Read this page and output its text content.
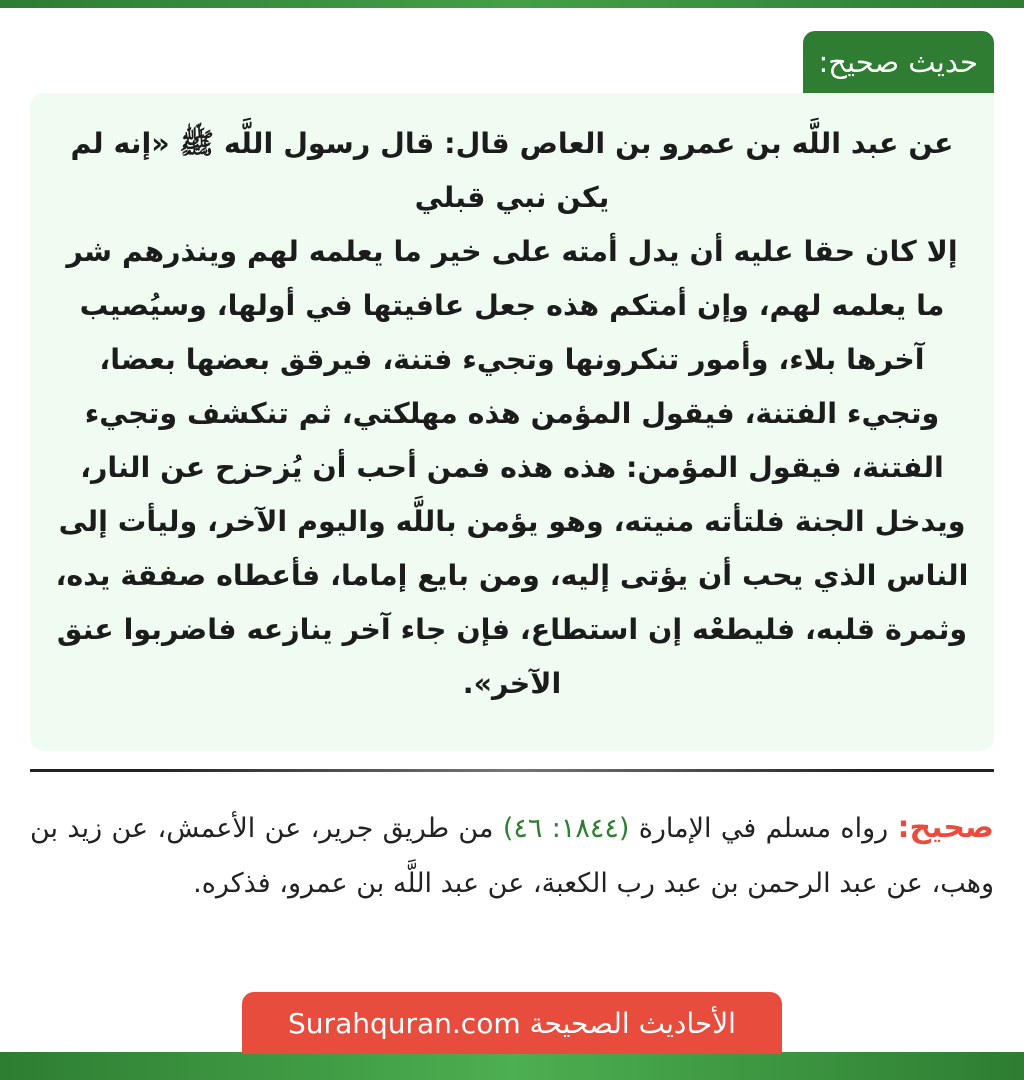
حديث صحيح:

عن عبد اللَّه بن عمرو بن العاص قال: قال رسول اللَّه ﷺ «إنه لم يكن نبي قبلي
إلا كان حقا عليه أن يدل أمته على خير ما يعلمه لهم وينذرهم شر ما يعلمه لهم، وإن أمتكم هذه جعل عافيتها في أولها، وسيُصيب آخرها بلاء، وأمور تنكرونها وتجيء فتنة، فيرقق بعضها بعضا، وتجيء الفتنة، فيقول المؤمن هذه مهلكتي، ثم تنكشف وتجيء الفتنة، فيقول المؤمن: هذه هذه فمن أحب أن يُزحزح عن النار، ويدخل الجنة فلتأته منيته، وهو يؤمن باللَّه واليوم الآخر، وليأت إلى الناس الذي يحب أن يؤتى إليه، ومن بايع إماما، فأعطاه صفقة يده، وثمرة قلبه، فليطعْه إن استطاع، فإن جاء آخر ينازعه فاضربوا عنق الآخر».

صحيح: رواه مسلم في الإمارة (١٨٤٤: ٤٦) من طريق جرير، عن الأعمش، عن زيد بن وهب، عن عبد الرحمن بن عبد رب الكعبة، عن عبد اللَّه بن عمرو، فذكره.

الأحاديث الصحيحة Surahquran.com
